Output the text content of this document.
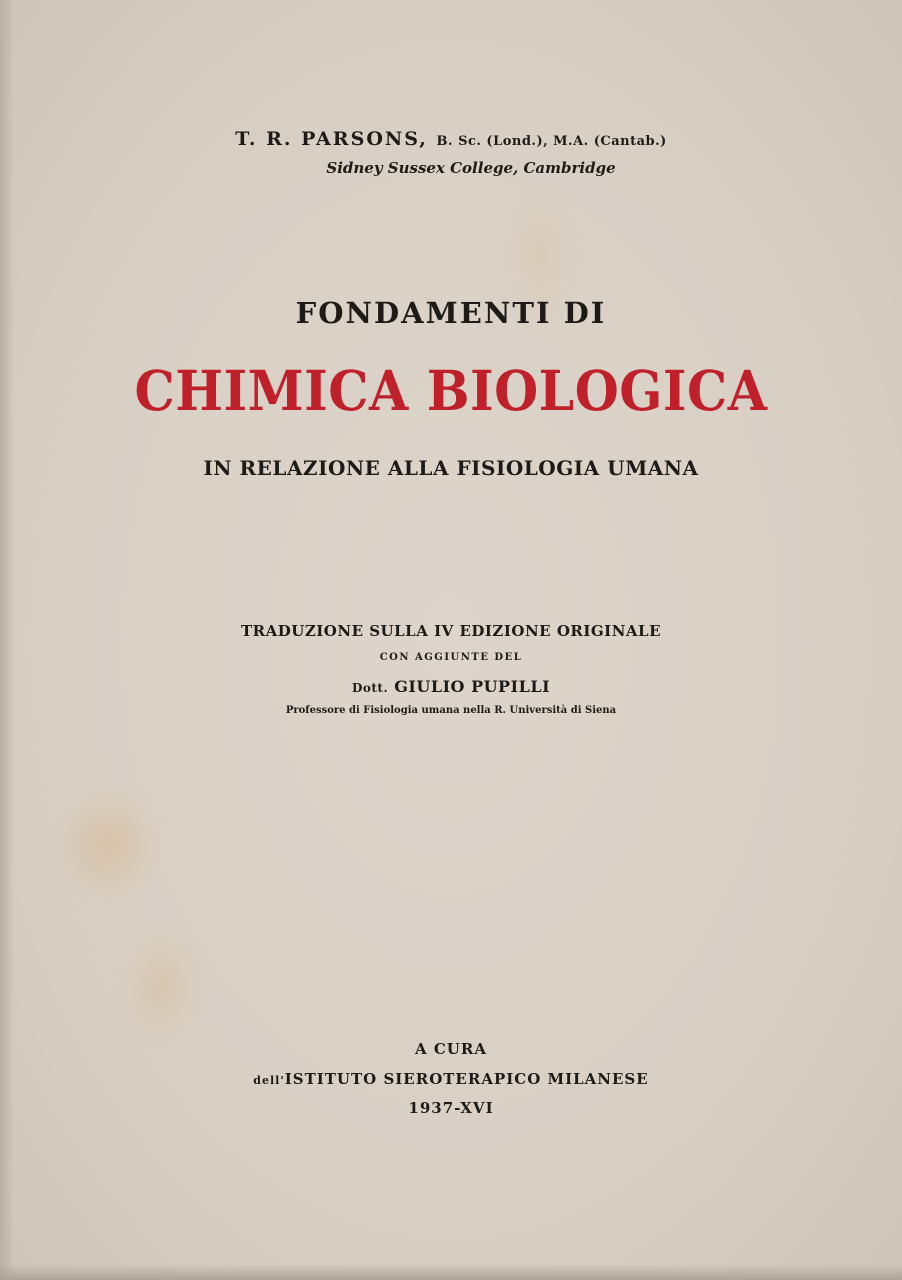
T. R. PARSONS, B. Sc. (Lond.), M.A. (Cantab.)
Sidney Sussex College, Cambridge
FONDAMENTI DI
CHIMICA BIOLOGICA
IN RELAZIONE ALLA FISIOLOGIA UMANA
TRADUZIONE SULLA IV EDIZIONE ORIGINALE
CON AGGIUNTE DEL
Dott. GIULIO PUPILLI
Professore di Fisiologia umana nella R. Università di Siena
A CURA
dell'ISTITUTO SIEROTERAPICO MILANESE
1937-XVI
